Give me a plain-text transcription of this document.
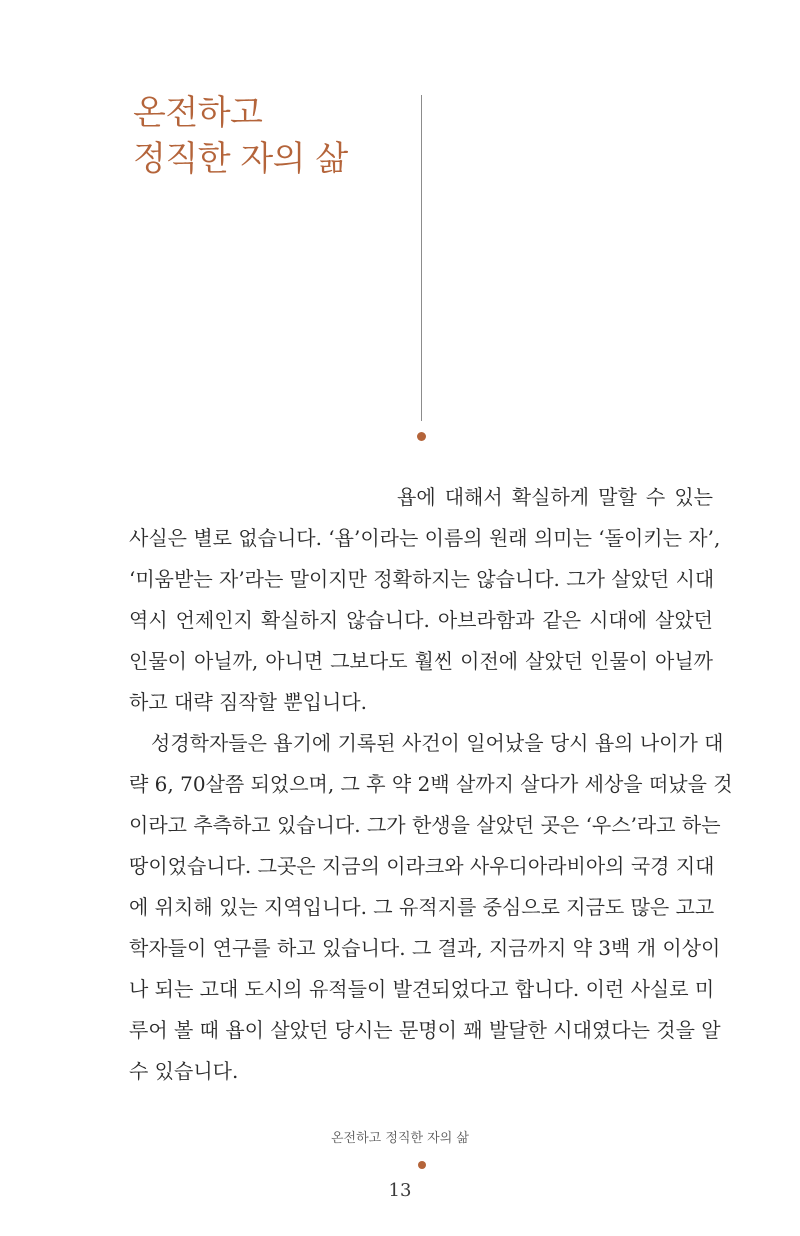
온전하고
정직한 자의 삶

욥에 대해서 확실하게 말할 수 있는
사실은 별로 없습니다. ‘욥’이라는 이름의 원래 의미는 ‘돌이키는 자’,
‘미움받는 자’라는 말이지만 정확하지는 않습니다. 그가 살았던 시대
역시 언제인지 확실하지 않습니다. 아브라함과 같은 시대에 살았던
인물이 아닐까, 아니면 그보다도 훨씬 이전에 살았던 인물이 아닐까
하고 대략 짐작할 뿐입니다.

성경학자들은 욥기에 기록된 사건이 일어났을 당시 욥의 나이가 대
략 6, 70살쯤 되었으며, 그 후 약 2백 살까지 살다가 세상을 떠났을 것
이라고 추측하고 있습니다. 그가 한생을 살았던 곳은 ‘우스’라고 하는
땅이었습니다. 그곳은 지금의 이라크와 사우디아라비아의 국경 지대
에 위치해 있는 지역입니다. 그 유적지를 중심으로 지금도 많은 고고
학자들이 연구를 하고 있습니다. 그 결과, 지금까지 약 3백 개 이상이
나 되는 고대 도시의 유적들이 발견되었다고 합니다. 이런 사실로 미
루어 볼 때 욥이 살았던 당시는 문명이 꽤 발달한 시대였다는 것을 알
수 있습니다.

온전하고 정직한 자의 삶
13
